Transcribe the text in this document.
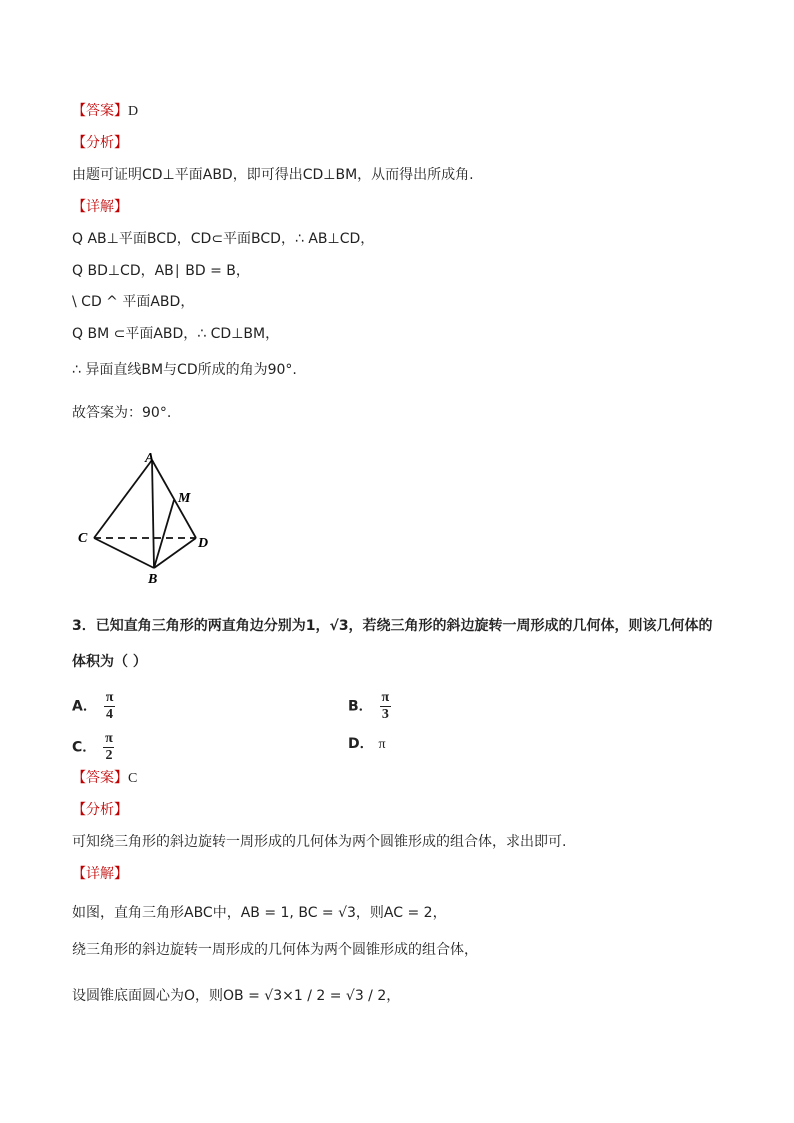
【答案】D
【分析】
由题可证明CD⊥平面ABD，即可得出CD⊥BM，从而得出所成角.
【详解】
Q AB⊥平面BCD，CD⊂平面BCD，∴ AB⊥CD，
Q BD⊥CD，AB∣ BD = B，
\ CD ^ 平面ABD，
Q BM ⊂平面ABD，∴ CD⊥BM，
∴ 异面直线BM与CD所成的角为90°.
故答案为：90°.
A
M
C	D
B
3．已知直角三角形的两直角边分别为1，√3，若绕三角形的斜边旋转一周形成的几何体，则该几何体的
体积为（ ）
A． $\frac{\pi}{4}$	B． $\frac{\pi}{3}$
C． $\frac{\pi}{2}$	D． π
【答案】C
【分析】
可知绕三角形的斜边旋转一周形成的几何体为两个圆锥形成的组合体，求出即可.
【详解】
如图，直角三角形ABC中，AB = 1, BC = √3，则AC = 2，
绕三角形的斜边旋转一周形成的几何体为两个圆锥形成的组合体，
设圆锥底面圆心为O，则OB = √3×1 / 2 = √3 / 2，
